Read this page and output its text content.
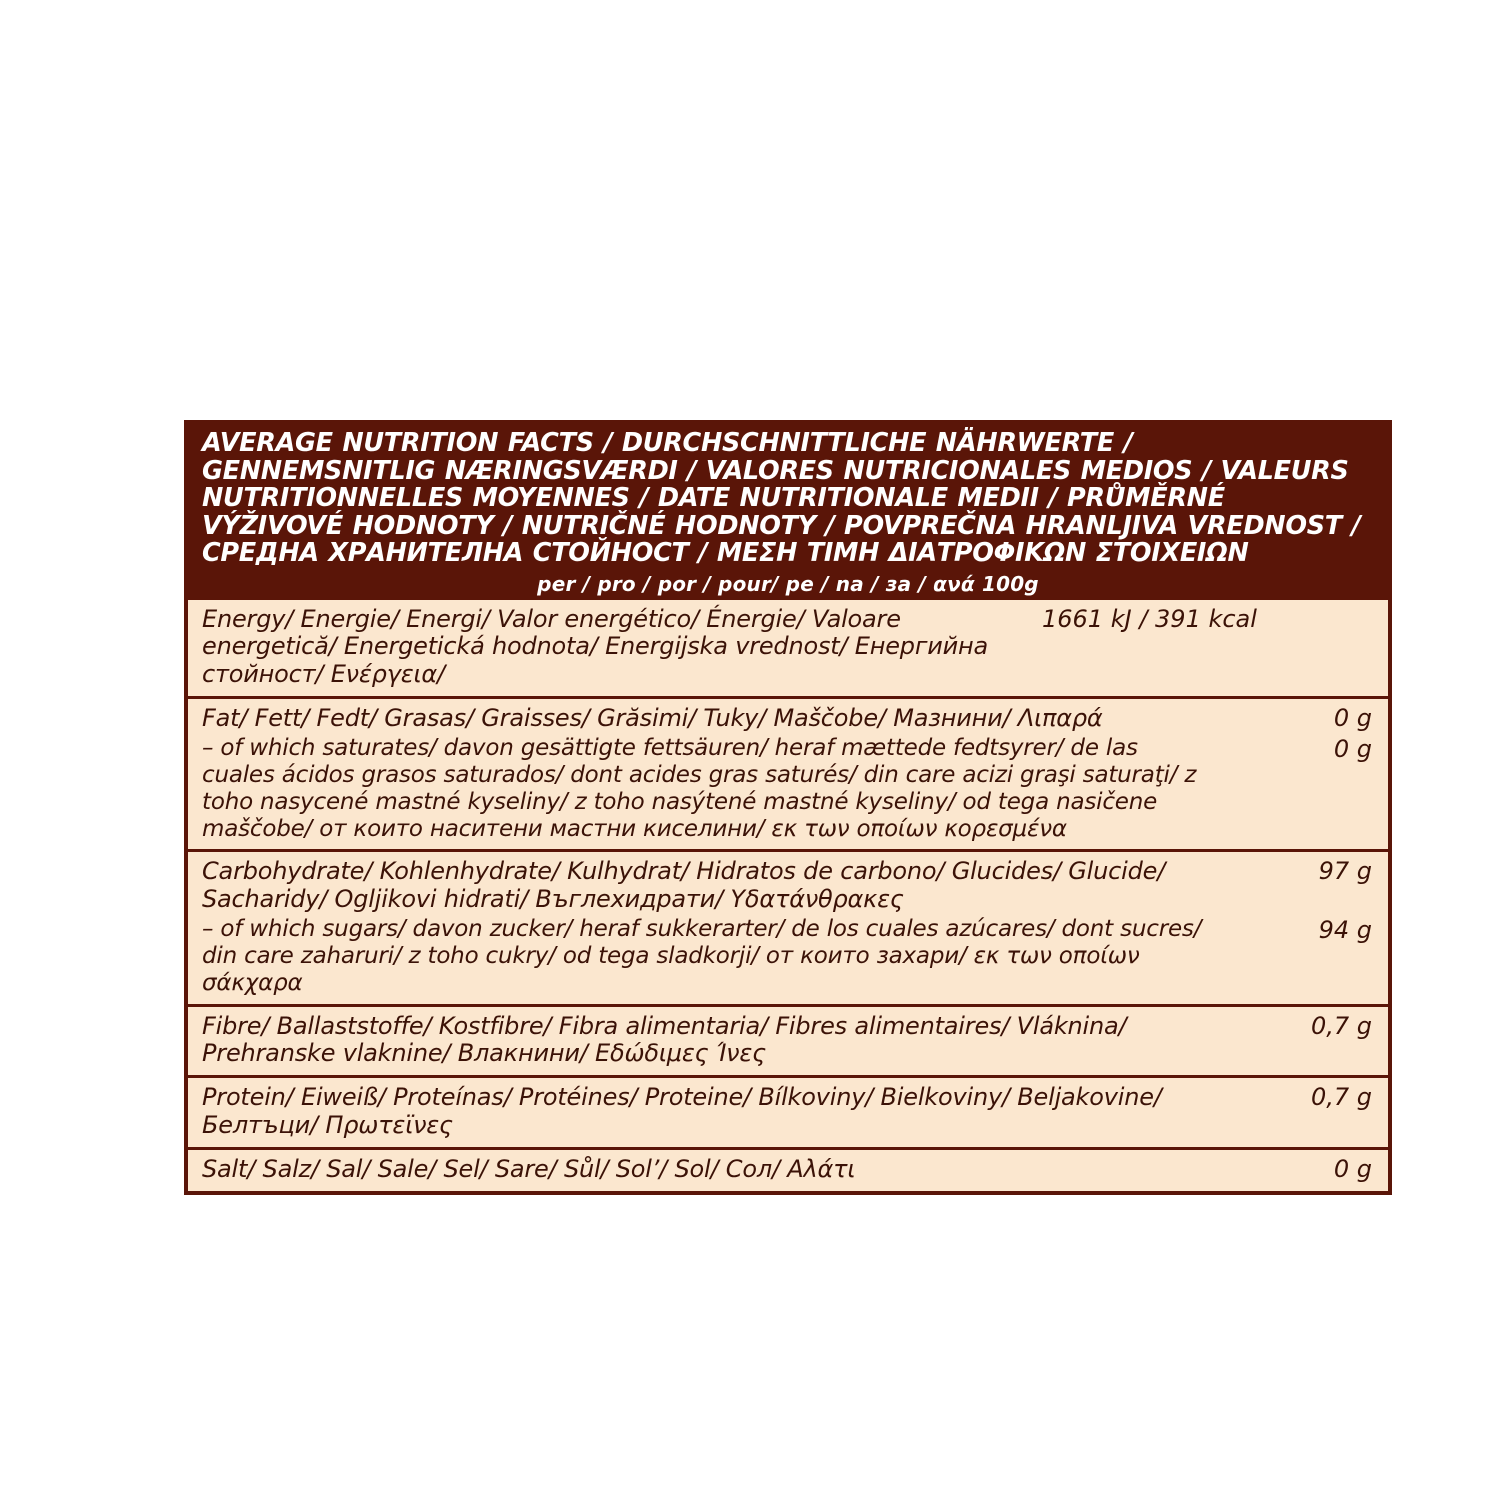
AVERAGE NUTRITION FACTS / DURCHSCHNITTLICHE NÄHRWERTE / GENNEMSNITLIG NÆRINGSVÆRDI / VALORES NUTRICIONALES MEDIOS / VALEURS NUTRITIONNELLES MOYENNES / DATE NUTRITIONALE MEDII / PRŮMĚRNÉ VÝŽIVOVÉ HODNOTY / NUTRIČNÉ HODNOTY / POVPREČNA HRANLJIVA VREDNOST / СРЕДНА ХРАНИТЕЛНА СТОЙНОСТ / ΜΕΣΗ ΤΙΜΗ ΔΙΑΤΡΟΦΙΚΩΝ ΣΤΟΙΧΕΙΩΝ
per / pro / por / pour/ pe / na / за / ανά 100g
Energy/ Energie/ Energi/ Valor energético/ Énergie/ Valoare energetică/ Energetická hodnota/ Energijska vrednost/ Енергийна стойност/ Ενέργεια/
1661 kJ / 391 kcal
Fat/ Fett/ Fedt/ Grasas/ Graisses/ Grăsimi/ Tuky/ Maščobe/ Мазнини/ Λιπαρά	0 g
– of which saturates/ davon gesättigte fettsäuren/ heraf mættede fedtsyrer/ de las cuales ácidos grasos saturados/ dont acides gras saturés/ din care acizi graşi saturaţi/ z toho nasycené mastné kyseliny/ z toho nasýtené mastné kyseliny/ od tega nasičene maščobe/ от които наситени мастни киселини/ εκ των οποίων κορεσμένα
0 g
Carbohydrate/ Kohlenhydrate/ Kulhydrat/ Hidratos de carbono/ Glucides/ Glucide/ Sacharidy/ Ogljikovi hidrati/ Въглехидрати/ Υδατάνθρακες
97 g
– of which sugars/ davon zucker/ heraf sukkerarter/ de los cuales azúcares/ dont sucres/ din care zaharuri/ z toho cukry/ od tega sladkorji/ от които захари/ εκ των οποίων σάκχαρα
94 g
Fibre/ Ballaststoffe/ Kostfibre/ Fibra alimentaria/ Fibres alimentaires/ Vláknina/ Prehranske vlaknine/ Влакнини/ Εδώδιμες Ίνες
0,7 g
Protein/ Eiweiß/ Proteínas/ Protéines/ Proteine/ Bílkoviny/ Bielkoviny/ Beljakovine/ Белтъци/ Πρωτεϊνες
0,7 g
Salt/ Salz/ Sal/ Sale/ Sel/ Sare/ Sůl/ Sol’/ Sol/ Сол/ Αλάτι	0 g
